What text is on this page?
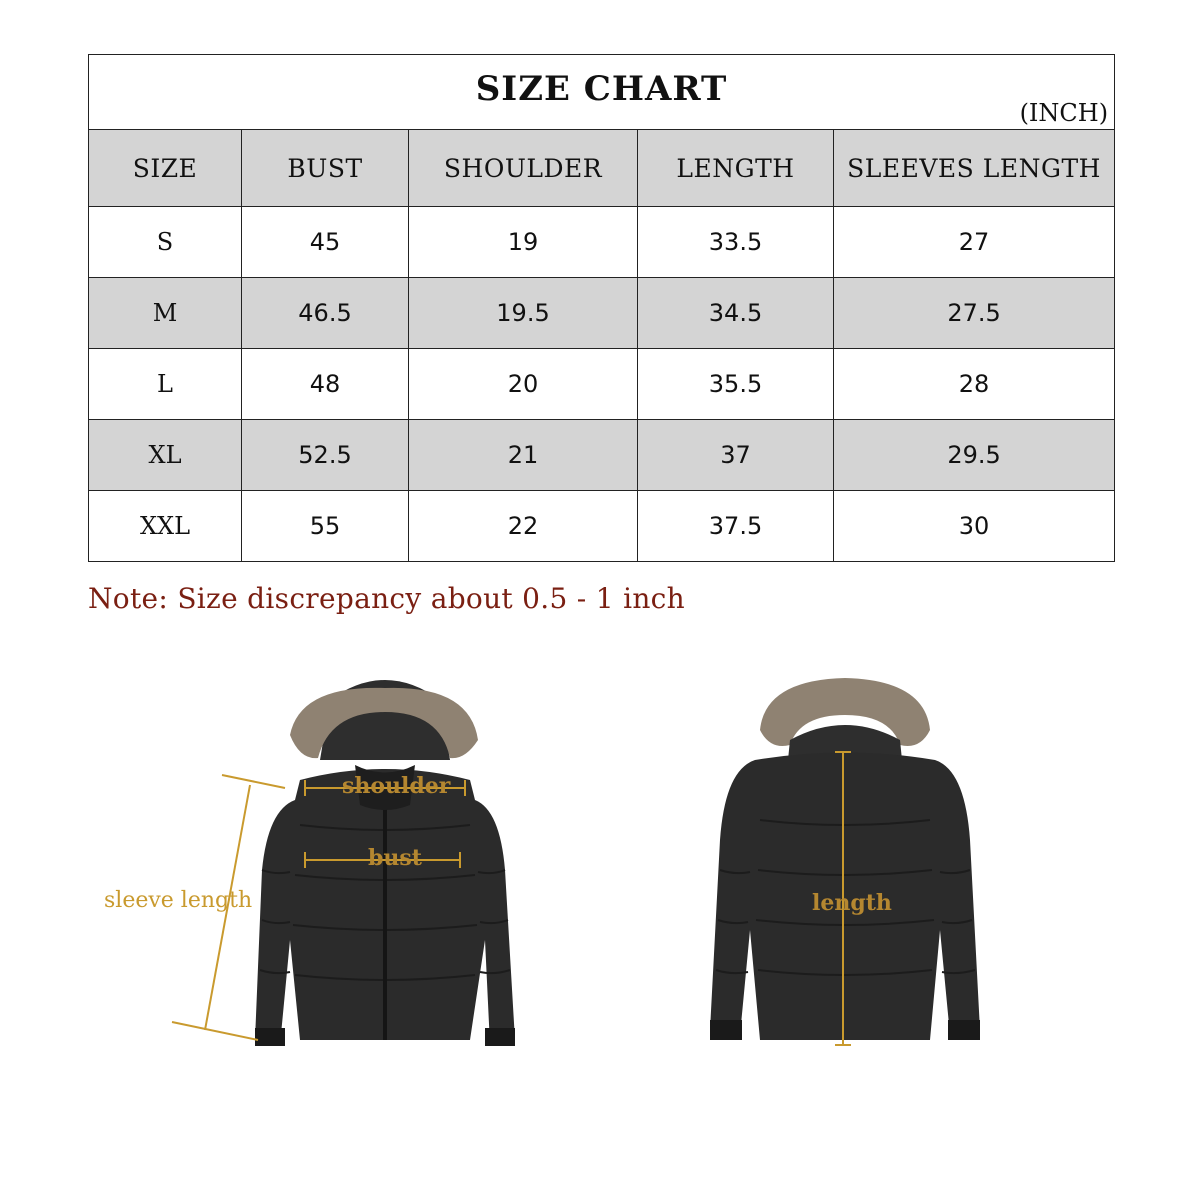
SIZE CHART
(INCH)				

SIZE	BUST	SHOULDER	LENGTH	SLEEVES LENGTH
S	45	19	33.5	27
M	46.5	19.5	34.5	27.5
L	48	20	35.5	28
XL	52.5	21	37	29.5
XXL	55	22	37.5	30
Note: Size discrepancy about 0.5 - 1 inch
shoulder
bust
sleeve length	length
